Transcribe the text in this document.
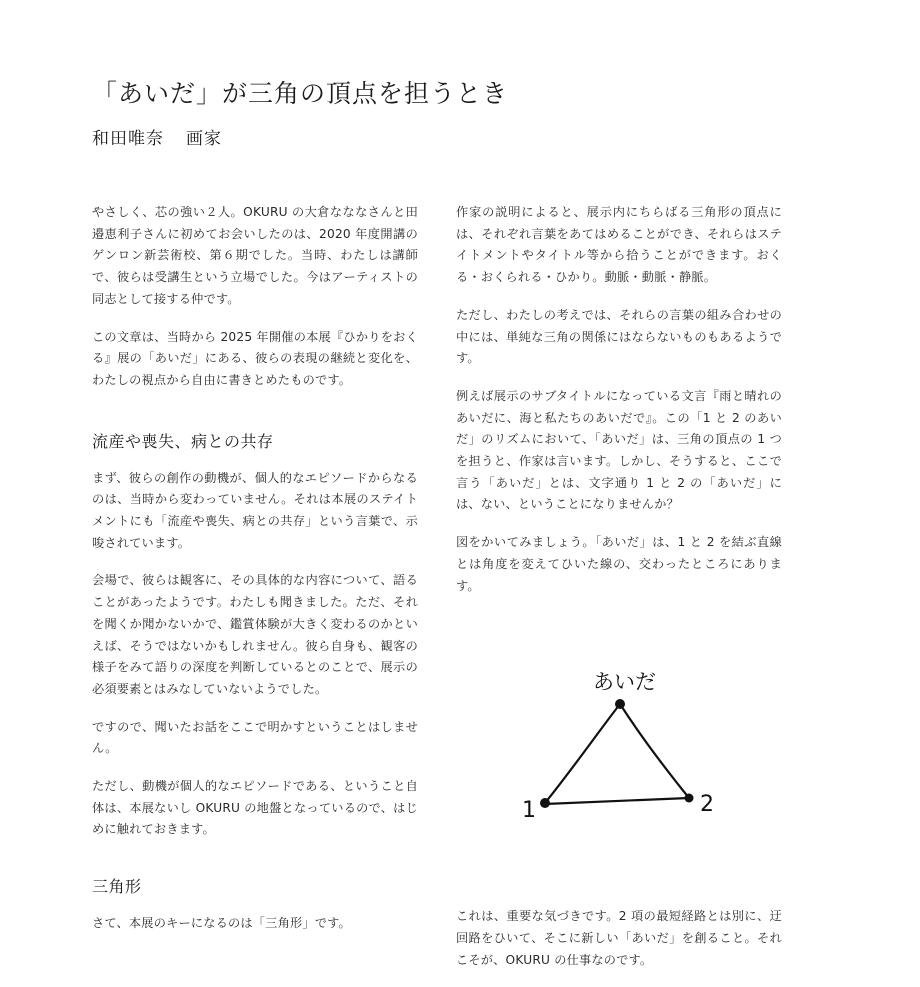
「あいだ」が三角の頂点を担うとき
和田唯奈 画家

やさしく、芯の強い２人。OKURU の大倉なななさんと田邉恵利子さんに初めてお会いしたのは、2020 年度開講のゲンロン新芸術校、第６期でした。当時、わたしは講師で、彼らは受講生という立場でした。今はアーティストの同志として接する仲です。

この文章は、当時から 2025 年開催の本展『ひかりをおくる』展の「あいだ」にある、彼らの表現の継続と変化を、わたしの視点から自由に書きとめたものです。

流産や喪失、病との共存

まず、彼らの創作の動機が、個人的なエピソードからなるのは、当時から変わっていません。それは本展のステイトメントにも「流産や喪失、病との共存」という言葉で、示唆されています。

会場で、彼らは観客に、その具体的な内容について、語ることがあったようです。わたしも聞きました。ただ、それを聞くか聞かないかで、鑑賞体験が大きく変わるのかといえば、そうではないかもしれません。彼ら自身も、観客の様子をみて語りの深度を判断しているとのことで、展示の必須要素とはみなしていないようでした。

ですので、聞いたお話をここで明かすということはしません。

ただし、動機が個人的なエピソードである、ということ自体は、本展ないし OKURU の地盤となっているので、はじめに触れておきます。

三角形

さて、本展のキーになるのは「三角形」です。

作家の説明によると、展示内にちらばる三角形の頂点には、それぞれ言葉をあてはめることができ、それらはステイトメントやタイトル等から拾うことができます。おくる・おくられる・ひかり。動脈・動脈・静脈。

ただし、わたしの考えでは、それらの言葉の組み合わせの中には、単純な三角の関係にはならないものもあるようです。

例えば展示のサブタイトルになっている文言『雨と晴れのあいだに、海と私たちのあいだで』。この「1 と 2 のあいだ」のリズムにおいて、「あいだ」は、三角の頂点の 1 つを担うと、作家は言います。しかし、そうすると、ここで言う「あいだ」とは、文字通り 1 と 2 の「あいだ」には、ない、ということになりませんか？

図をかいてみましょう。「あいだ」は、1 と 2 を結ぶ直線とは角度を変えてひいた線の、交わったところにあります。

あいだ
1	2

これは、重要な気づきです。2 項の最短経路とは別に、迂回路をひいて、そこに新しい「あいだ」を創ること。それこそが、OKURU の仕事なのです。
